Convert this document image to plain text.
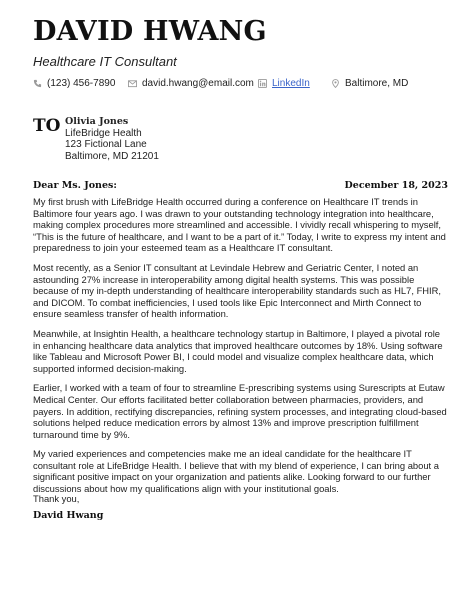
DAVID HWANG
Healthcare IT Consultant
(123) 456-7890	david.hwang@email.com LinkedIn	Baltimore, MD
TO Olivia Jones
LifeBridge Health
123 Fictional Lane
Baltimore, MD 21201
Dear Ms. Jones:	December 18, 2023

My first brush with LifeBridge Health occurred during a conference on Healthcare IT trends in Baltimore four years ago. I was drawn to your outstanding technology integration into healthcare, making complex procedures more streamlined and accessible. I vividly recall whispering to myself, “This is the future of healthcare, and I want to be a part of it.” Today, I write to express my intent and preparedness to join your esteemed team as a Healthcare IT consultant.

Most recently, as a Senior IT consultant at Levindale Hebrew and Geriatric Center, I noted an astounding 27% increase in interoperability among digital health systems. This was possible because of my in-depth understanding of healthcare interoperability standards such as HL7, FHIR, and DICOM. To combat inefficiencies, I used tools like Epic Interconnect and Mirth Connect to ensure seamless transfer of health information.

Meanwhile, at Insightin Health, a healthcare technology startup in Baltimore, I played a pivotal role in enhancing healthcare data analytics that improved healthcare outcomes by 18%. Using software like Tableau and Microsoft Power BI, I could model and visualize complex healthcare data, which supported informed decision-making.

Earlier, I worked with a team of four to streamline E-prescribing systems using Surescripts at Eutaw Medical Center. Our efforts facilitated better collaboration between pharmacies, providers, and payers. In addition, rectifying discrepancies, refining system processes, and integrating cloud-based solutions helped reduce medication errors by almost 13% and improve prescription fulfillment turnaround time by 9%.

My varied experiences and competencies make me an ideal candidate for the healthcare IT consultant role at LifeBridge Health. I believe that with my blend of experience, I can bring about a significant positive impact on your organization and patients alike. Looking forward to our further discussions about how my qualifications align with your institutional goals.

Thank you,
David Hwang
